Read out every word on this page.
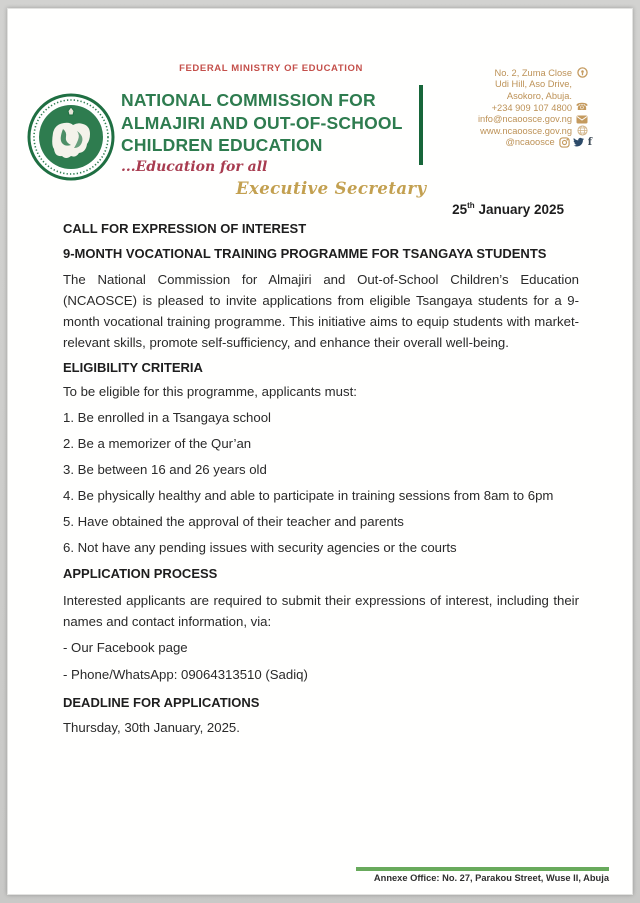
FEDERAL MINISTRY OF EDUCATION
NATIONAL COMMISSION FOR
ALMAJIRI AND OUT-OF-SCHOOL
CHILDREN EDUCATION
...Education for all
Executive Secretary
No. 2, Zuma Close
Udi Hill, Aso Drive,
Asokoro, Abuja.
+234 909 107 4800 ☎
info@ncaoosce.gov.ng
www.ncaoosce.gov.ng
@ncaoosce	f
25th January 2025
CALL FOR EXPRESSION OF INTEREST
9-MONTH VOCATIONAL TRAINING PROGRAMME FOR TSANGAYA STUDENTS

The National Commission for Almajiri and Out-of-School Children’s Education (NCAOSCE) is pleased to invite applications from eligible Tsangaya students for a 9-month vocational training programme. This initiative aims to equip students with market-relevant skills, promote self-sufficiency, and enhance their overall well-being.

ELIGIBILITY CRITERIA
To be eligible for this programme, applicants must:
1. Be enrolled in a Tsangaya school
2. Be a memorizer of the Qur’an
3. Be between 16 and 26 years old
4. Be physically healthy and able to participate in training sessions from 8am to 6pm
5. Have obtained the approval of their teacher and parents
6. Not have any pending issues with security agencies or the courts
APPLICATION PROCESS

Interested applicants are required to submit their expressions of interest, including their names and contact information, via:

- Our Facebook page
- Phone/WhatsApp: 09064313510 (Sadiq)
DEADLINE FOR APPLICATIONS
Thursday, 30th January, 2025.
Annexe Office: No. 27, Parakou Street, Wuse II, Abuja
